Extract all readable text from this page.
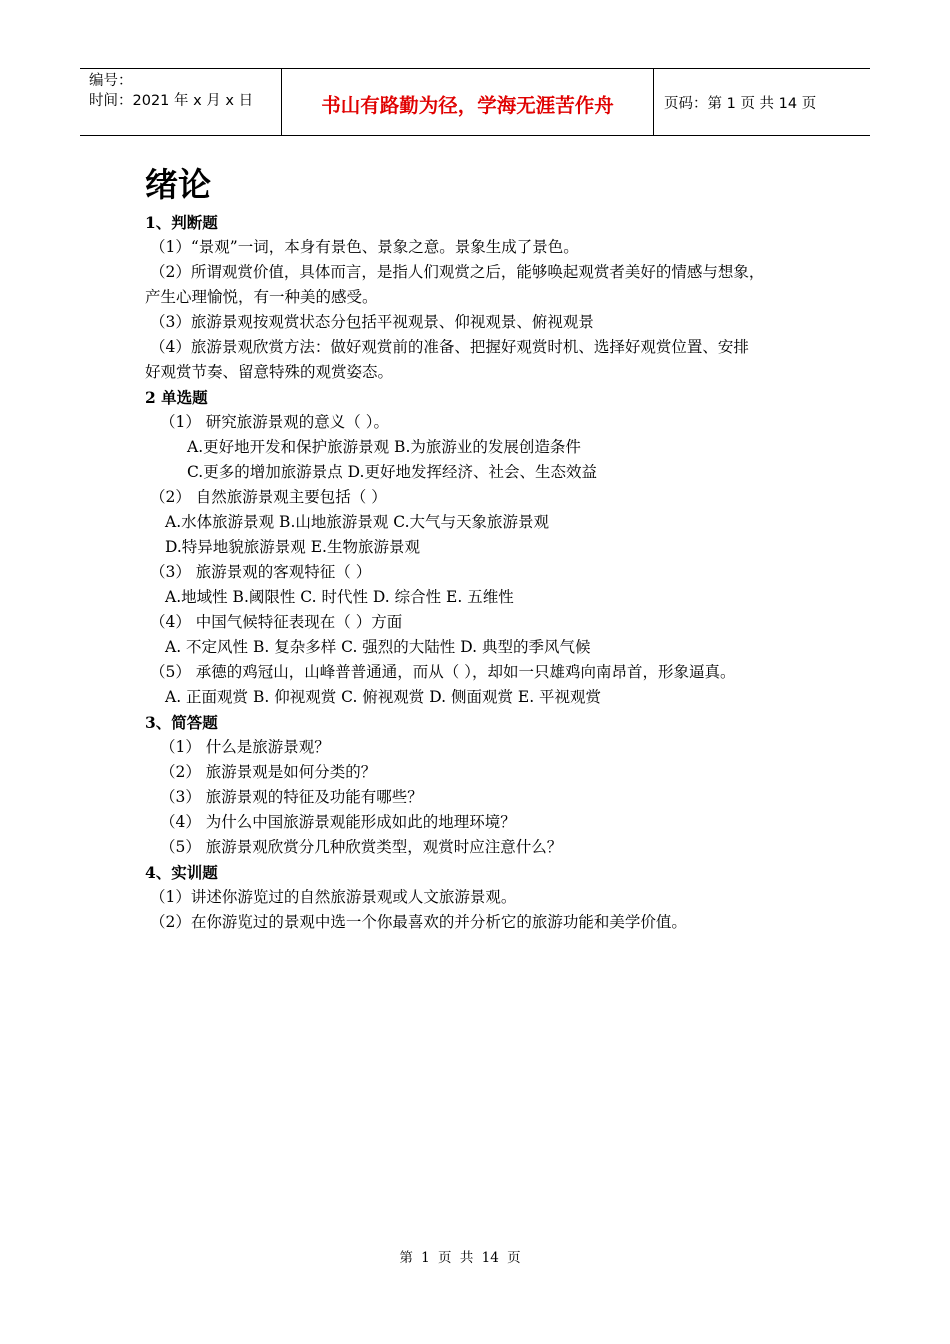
编号：
时间：2021 年 x 月 x 日	书山有路勤为径，学海无涯苦作舟	页码：第 1 页 共 14 页
绪论
1、判断题
（1）“景观”一词，本身有景色、景象之意。景象生成了景色。
（2）所谓观赏价值，具体而言，是指人们观赏之后，能够唤起观赏者美好的情感与想象，
产生心理愉悦，有一种美的感受。
（3）旅游景观按观赏状态分包括平视观景、仰视观景、俯视观景
（4）旅游景观欣赏方法：做好观赏前的准备、把握好观赏时机、选择好观赏位置、安排
好观赏节奏、留意特殊的观赏姿态。
2 单选题
（1） 研究旅游景观的意义（ ）。
A.更好地开发和保护旅游景观 B.为旅游业的发展创造条件
C.更多的增加旅游景点 D.更好地发挥经济、社会、生态效益
（2） 自然旅游景观主要包括（ ）
A.水体旅游景观 B.山地旅游景观 C.大气与天象旅游景观
D.特异地貌旅游景观 E.生物旅游景观
（3） 旅游景观的客观特征（ ）
A.地域性 B.阈限性 C. 时代性 D. 综合性 E. 五维性
（4） 中国气候特征表现在（ ）方面
A. 不定风性 B. 复杂多样 C. 强烈的大陆性 D. 典型的季风气候
（5） 承德的鸡冠山，山峰普普通通，而从（ ），却如一只雄鸡向南昂首，形象逼真。
A. 正面观赏 B. 仰视观赏 C. 俯视观赏 D. 侧面观赏 E. 平视观赏
3、简答题
（1） 什么是旅游景观？
（2） 旅游景观是如何分类的？
（3） 旅游景观的特征及功能有哪些？
（4） 为什么中国旅游景观能形成如此的地理环境？
（5） 旅游景观欣赏分几种欣赏类型，观赏时应注意什么？
4、实训题
（1）讲述你游览过的自然旅游景观或人文旅游景观。
（2）在你游览过的景观中选一个你最喜欢的并分析它的旅游功能和美学价值。
第 1 页 共 14 页
